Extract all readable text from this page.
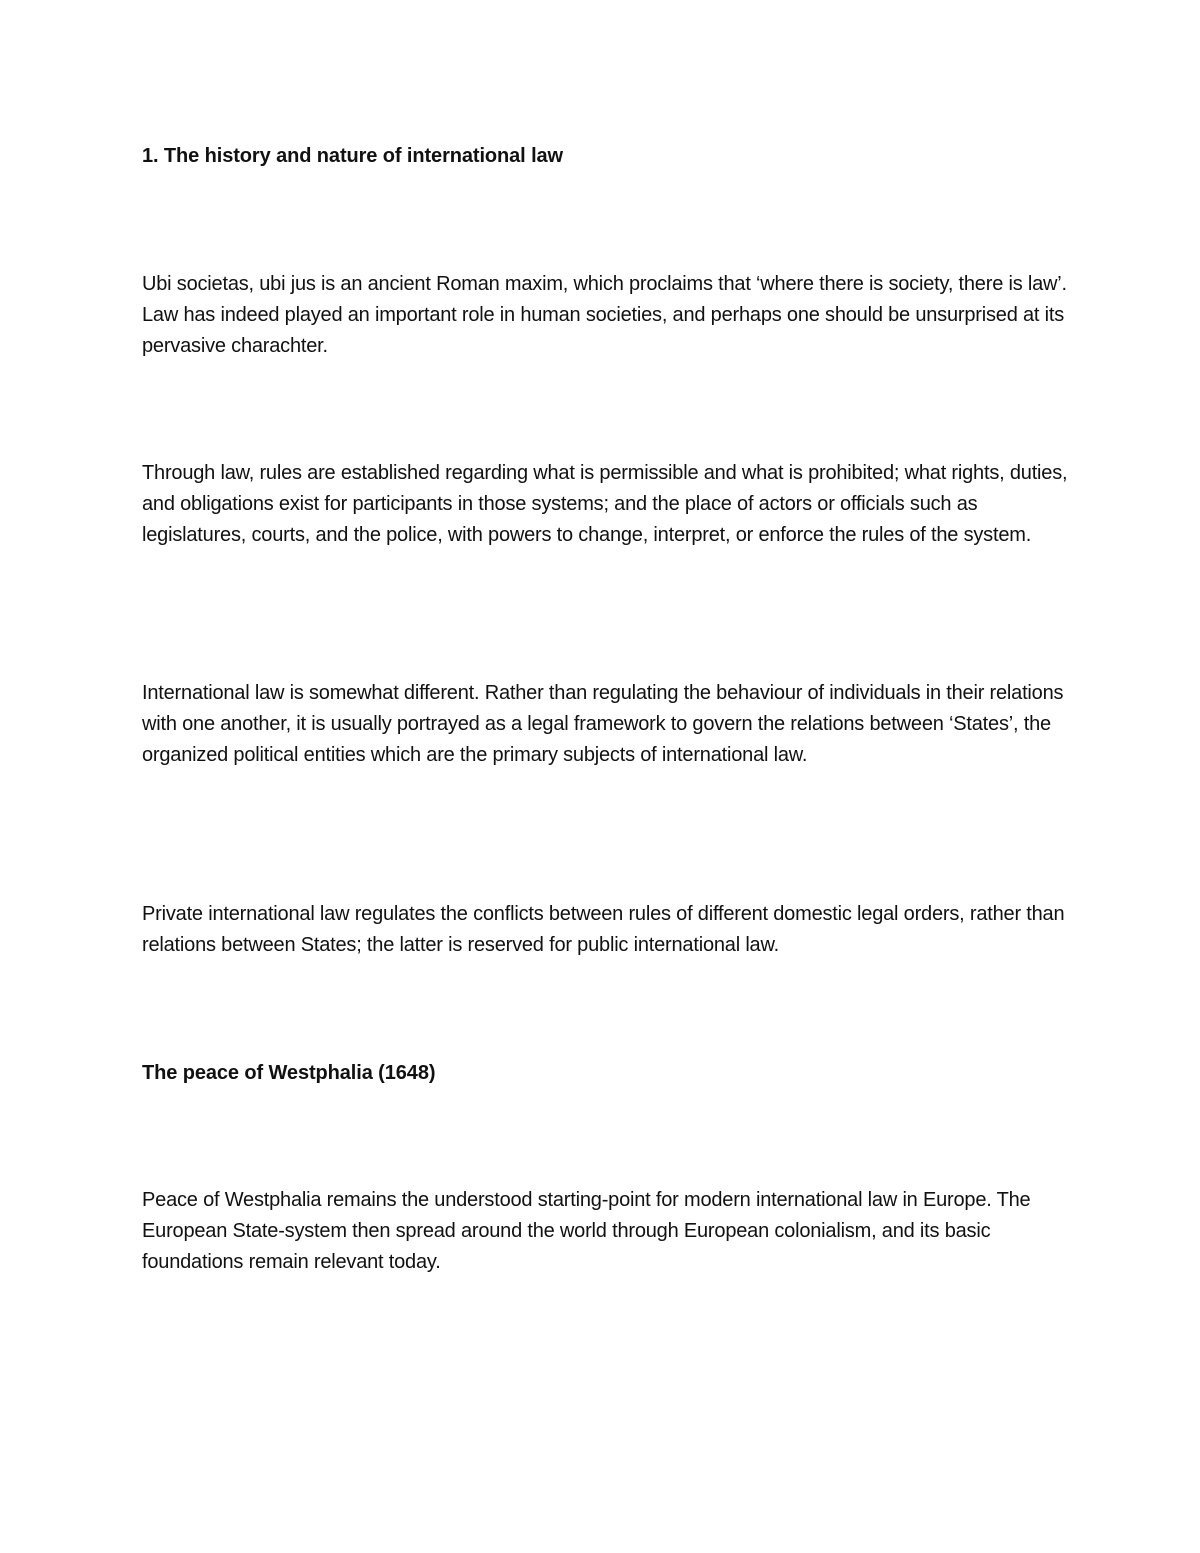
1. The history and nature of international law

Ubi societas, ubi jus is an ancient Roman maxim, which proclaims that ‘where there is society, there is law’. Law has indeed played an important role in human societies, and perhaps one should be unsurprised at its pervasive charachter.

Through law, rules are established regarding what is permissible and what is prohibited; what rights, duties, and obligations exist for participants in those systems; and the place of actors or officials such as legislatures, courts, and the police, with powers to change, interpret, or enforce the rules of the system.

International law is somewhat different. Rather than regulating the behaviour of individuals in their relations with one another, it is usually portrayed as a legal framework to govern the relations between ‘States’, the organized political entities which are the primary subjects of international law.

Private international law regulates the conflicts between rules of different domestic legal orders, rather than relations between States; the latter is reserved for public international law.

The peace of Westphalia (1648)

Peace of Westphalia remains the understood starting-point for modern international law in Europe. The European State-system then spread around the world through European colonialism, and its basic foundations remain relevant today.
